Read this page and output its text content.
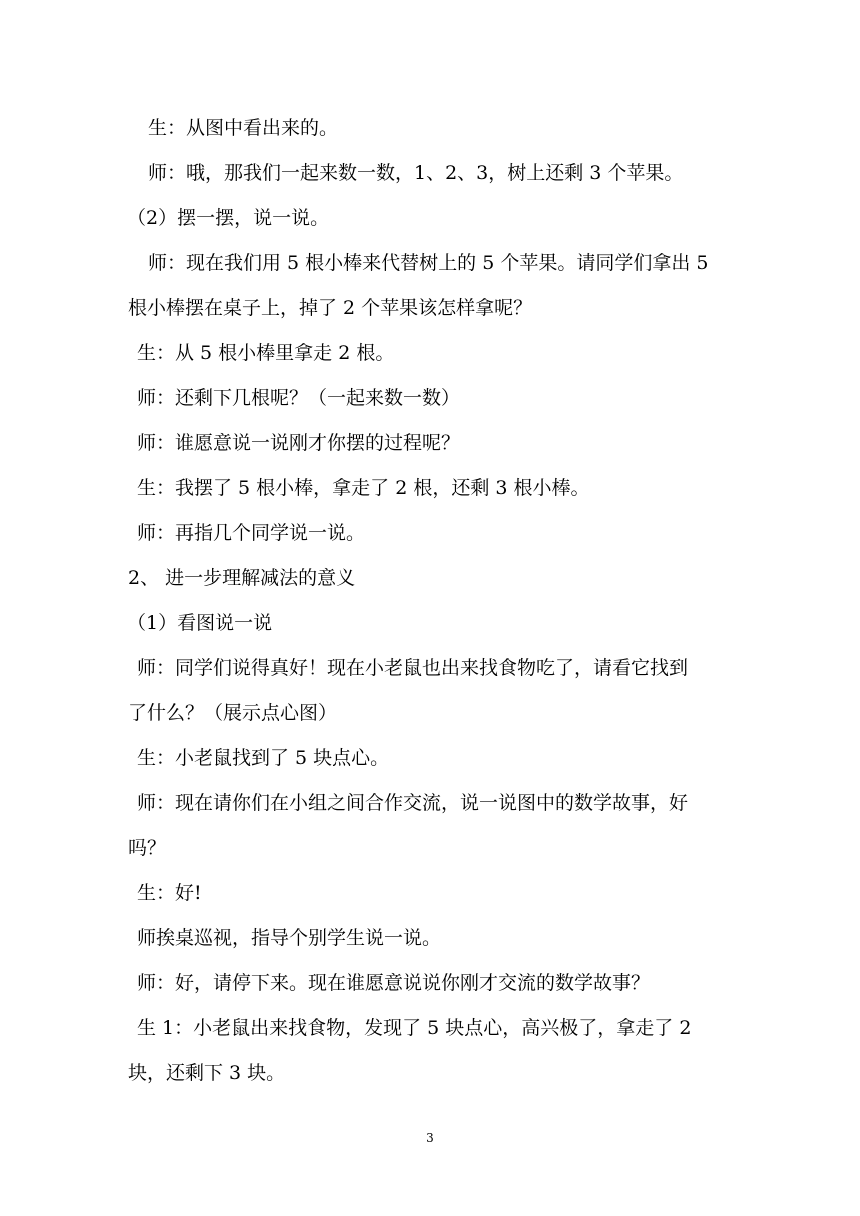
生：从图中看出来的。
师：哦，那我们一起来数一数，1、2、3，树上还剩 3 个苹果。
（2）摆一摆，说一说。
师：现在我们用 5 根小棒来代替树上的 5 个苹果。请同学们拿出 5
根小棒摆在桌子上，掉了 2 个苹果该怎样拿呢？
生：从 5 根小棒里拿走 2 根。
师：还剩下几根呢？（一起来数一数）
师：谁愿意说一说刚才你摆的过程呢？
生：我摆了 5 根小棒，拿走了 2 根，还剩 3 根小棒。
师：再指几个同学说一说。
2、 进一步理解减法的意义
（1）看图说一说
师：同学们说得真好！现在小老鼠也出来找食物吃了，请看它找到
了什么？（展示点心图）
生：小老鼠找到了 5 块点心。
师：现在请你们在小组之间合作交流，说一说图中的数学故事，好
吗？
生：好!
师挨桌巡视，指导个别学生说一说。
师：好，请停下来。现在谁愿意说说你刚才交流的数学故事？
生 1：小老鼠出来找食物，发现了 5 块点心，高兴极了，拿走了 2
块，还剩下 3 块。
3
